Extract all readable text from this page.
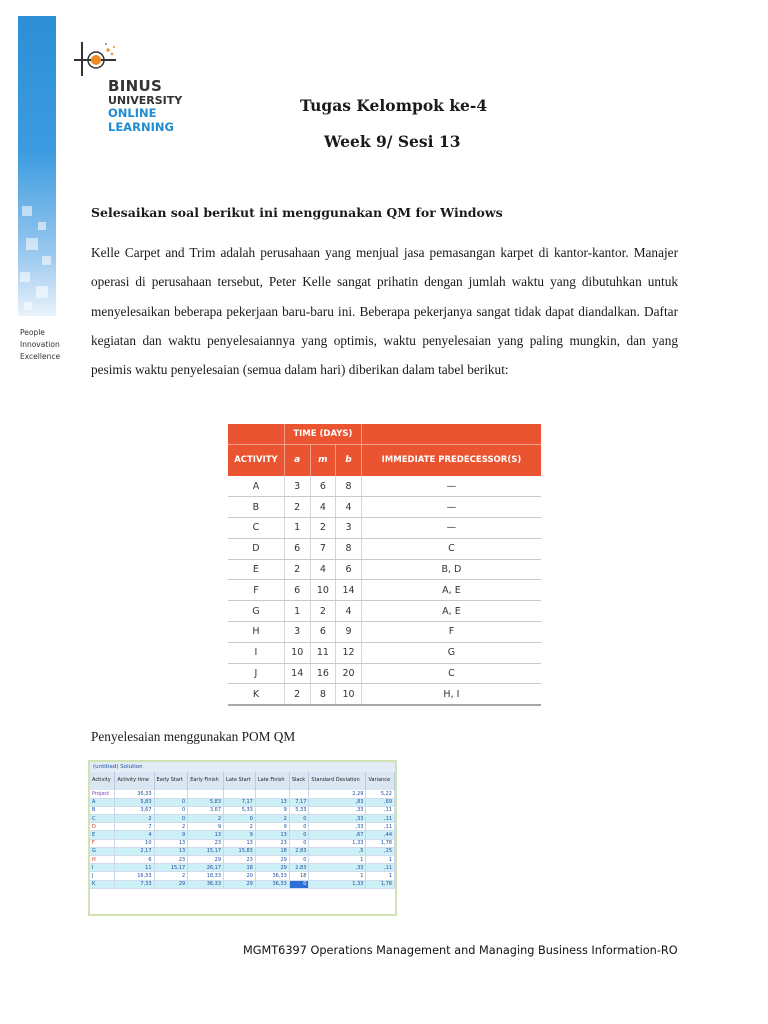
People
Innovation
Excellence
BINUS
UNIVERSITY
ONLINE
LEARNING
Tugas Kelompok ke-4
Week 9/ Sesi 13
Selesaikan soal berikut ini menggunakan QM for Windows

Kelle Carpet and Trim adalah perusahaan yang menjual jasa pemasangan karpet di kantor-kantor. Manajer operasi di perusahaan tersebut, Peter Kelle sangat prihatin dengan jumlah waktu yang dibutuhkan untuk menyelesaikan beberapa pekerjaan baru-baru ini. Beberapa pekerjanya sangat tidak dapat diandalkan. Daftar kegiatan dan waktu penyelesaiannya yang optimis, waktu penyelesaian yang paling mungkin, dan yang pesimis waktu penyelesaian (semua dalam hari) diberikan dalam tabel berikut:

	TIME (DAYS)			
ACTIVITY	a	m	b	IMMEDIATE PREDECESSOR(S)
A	3	6	8	—
B	2	4	4	—
C	1	2	3	—
D	6	7	8	C
E	2	4	6	B, D
F	6	10	14	A, E
G	1	2	4	A, E
H	3	6	9	F
I	10	11	12	G
J	14	16	20	C
K	2	8	10	H, I
Penyelesaian menggunakan POM QM
(untitled) Solution
Activity	Activity time	Early Start	Early Finish	Late Start	Late Finish	Slack	Standard Deviation	Variance
Project	36,33						2,29	5,22
A	5,83	0	5,83	7,17	13	7,17	,83	,69
B	3,67	0	3,67	5,33	9	5,33	,33	,11
C	2	0	2	0	2	0	,33	,11
D	7	2	9	2	9	0	,33	,11
E	4	9	13	9	13	0	,67	,44
F	10	13	23	13	23	0	1,33	1,78
G	2,17	13	15,17	15,83	18	2,83	,5	,25
H	6	23	29	23	29	0	1	1
I	11	15,17	26,17	18	29	2,83	,33	,11
J	16,33	2	18,33	20	36,33	18	1	1
K	7,33	29	36,33	29	36,33	0	1,33	1,78
MGMT6397 Operations Management and Managing Business Information-RO
